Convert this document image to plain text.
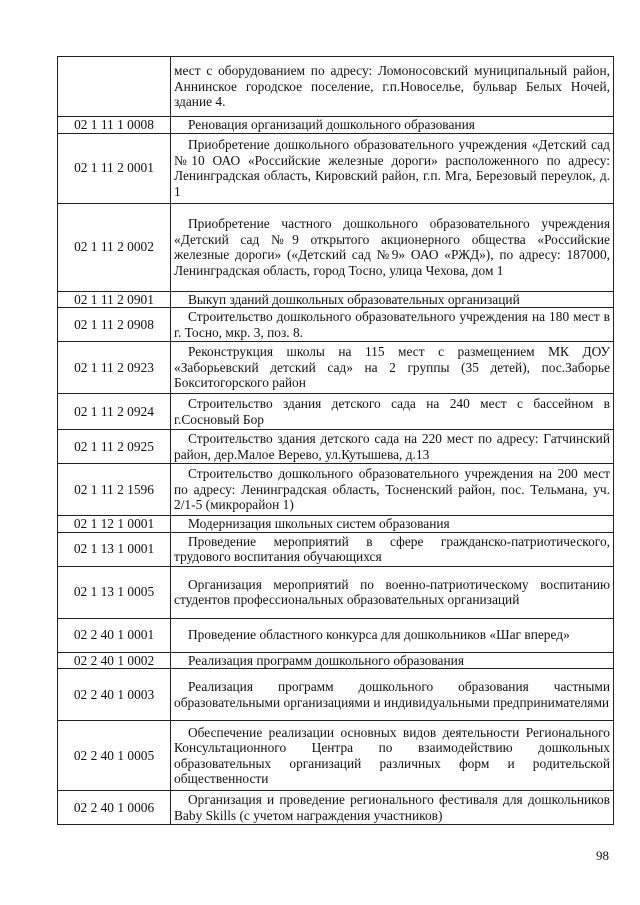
	мест с оборудованием по адресу: Ломоносовский муниципальный район, Аннинское городское поселение, г.п.Новоселье, бульвар Белых Ночей, здание 4.
02 1 11 1 0008	Реновация организаций дошкольного образования
02 1 11 2 0001	Приобретение дошкольного образовательного учреждения «Детский сад №10 ОАО «Российские железные дороги» расположенного по адресу: Ленинградская область, Кировский район, г.п. Мга, Березовый переулок, д. 1
02 1 11 2 0002	Приобретение частного дошкольного образовательного учреждения «Детский сад №9 открытого акционерного общества «Российские железные дороги» («Детский сад №9» ОАО «РЖД»), по адресу: 187000, Ленинградская область, город Тосно, улица Чехова, дом 1
02 1 11 2 0901	Выкуп зданий дошкольных образовательных организаций
02 1 11 2 0908	Строительство дошкольного образовательного учреждения на 180 мест в г. Тосно, мкр. 3, поз. 8.
02 1 11 2 0923	Реконструкция школы на 115 мест с размещением МК ДОУ «Заборьевский детский сад» на 2 группы (35 детей), пос.Заборье Бокситогорского район
02 1 11 2 0924	Строительство здания детского сада на 240 мест с бассейном в г.Сосновый Бор
02 1 11 2 0925	Строительство здания детского сада на 220 мест по адресу: Гатчинский район, дер.Малое Верево, ул.Кутышева, д.13
02 1 11 2 1596	Строительство дошкольного образовательного учреждения на 200 мест по адресу: Ленинградская область, Тосненский район, пос. Тельмана, уч. 2/1-5 (микрорайон 1)
02 1 12 1 0001	Модернизация школьных систем образования
02 1 13 1 0001	Проведение мероприятий в сфере гражданско-патриотического, трудового воспитания обучающихся
02 1 13 1 0005	Организация мероприятий по военно-патриотическому воспитанию студентов профессиональных образовательных организаций
02 2 40 1 0001	Проведение областного конкурса для дошкольников «Шаг вперед»
02 2 40 1 0002	Реализация программ дошкольного образования
02 2 40 1 0003	Реализация программ дошкольного образования частными образовательными организациями и индивидуальными предпринимателями
02 2 40 1 0005	Обеспечение реализации основных видов деятельности Регионального Консультационного Центра по взаимодействию дошкольных образовательных организаций различных форм и родительской общественности
02 2 40 1 0006	Организация и проведение регионального фестиваля для дошкольников Baby Skills (с учетом награждения участников)
98
